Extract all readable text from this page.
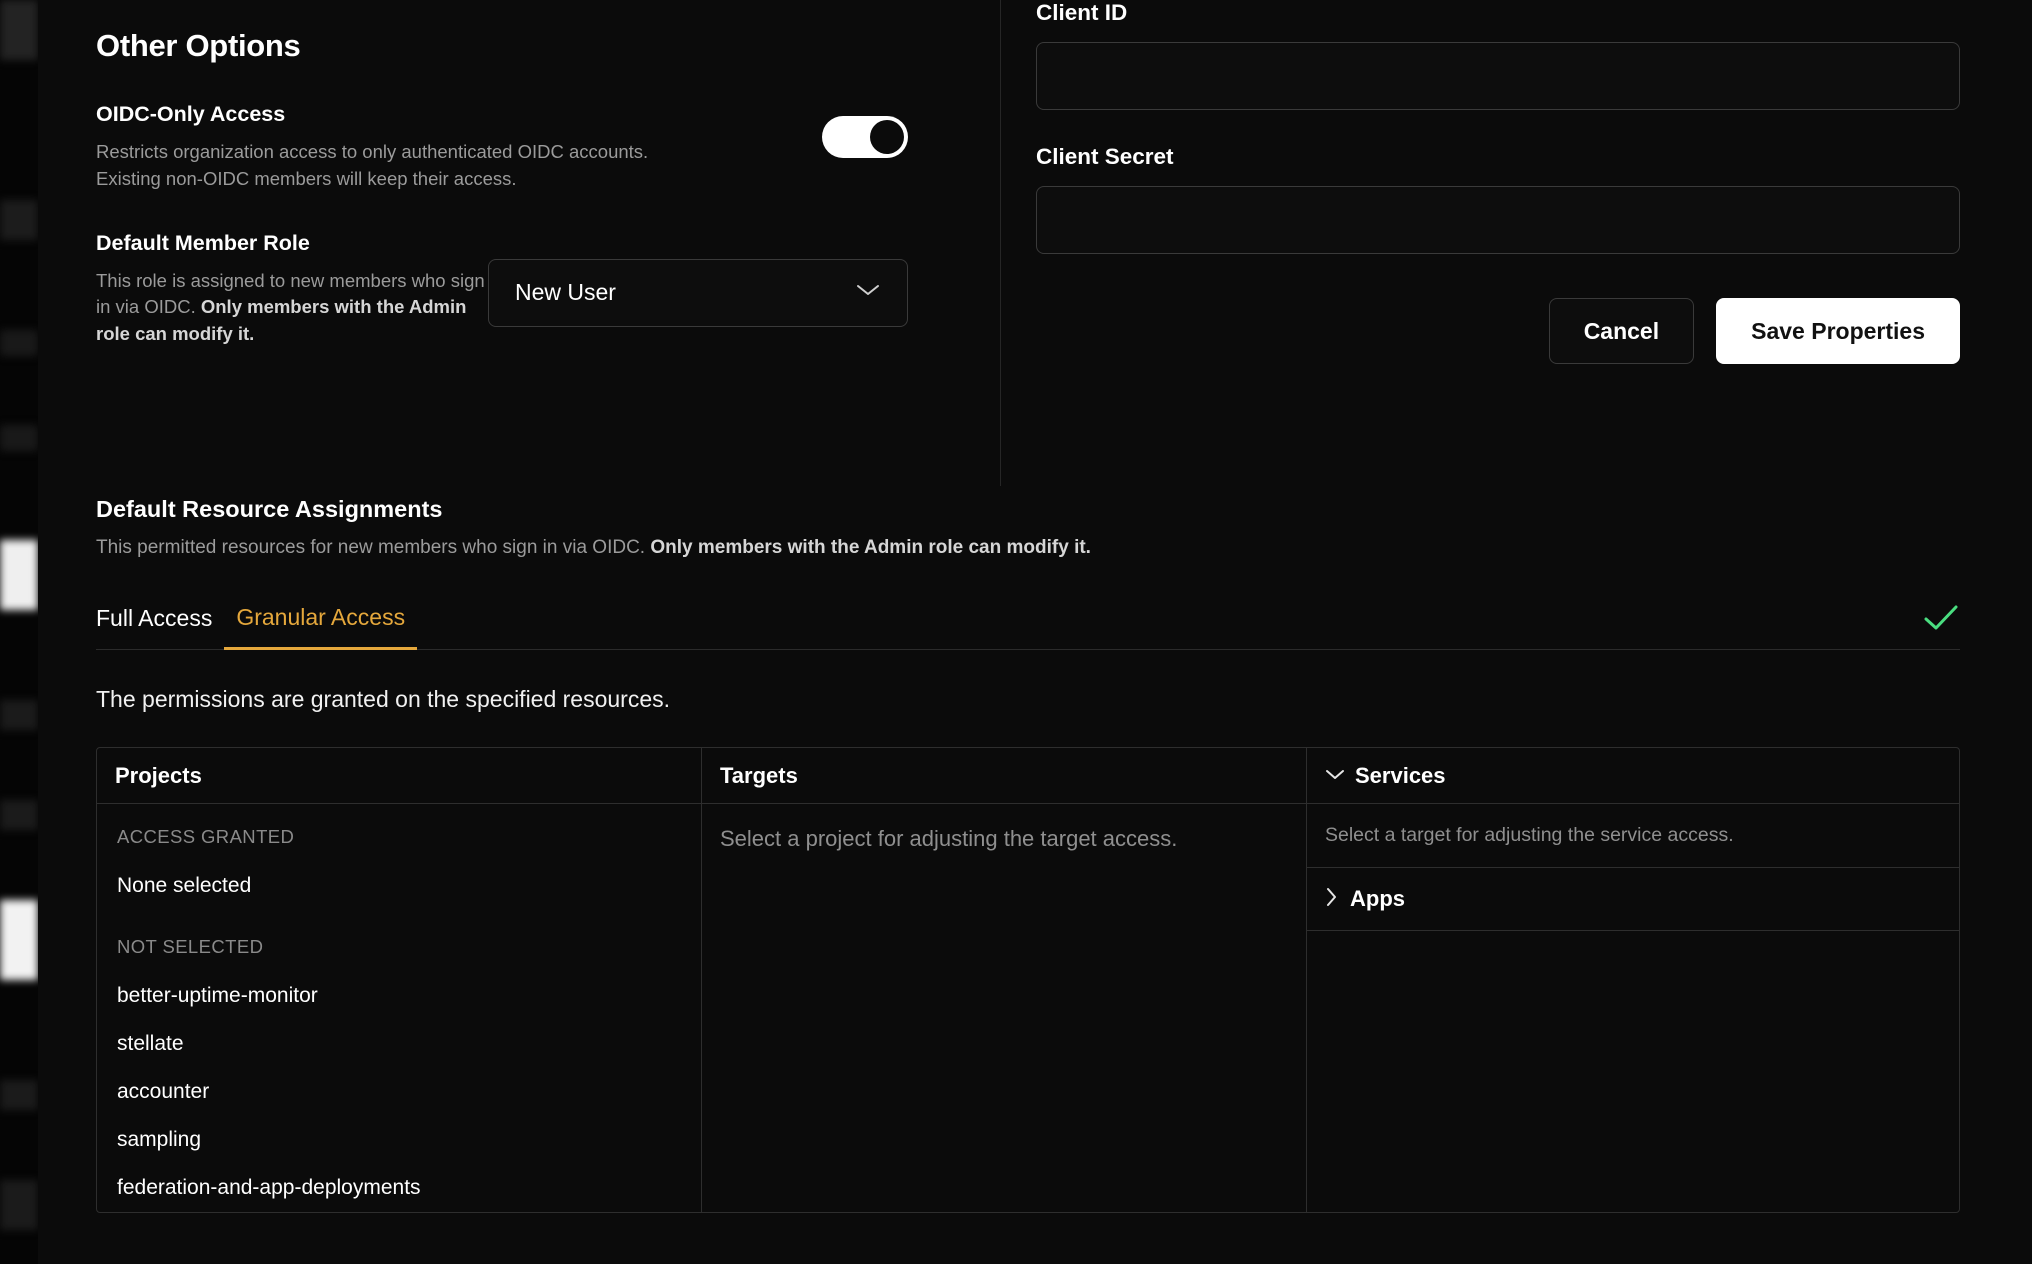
Other Options
OIDC-Only Access
Restricts organization access to only authenticated OIDC accounts.
Existing non-OIDC members will keep their access.
Default Member Role
This role is assigned to new members who sign in via OIDC. Only members with the Admin role can modify it.
New User
Client ID
Client Secret
Cancel	Save Properties
Default Resource Assignments
This permitted resources for new members who sign in via OIDC. Only members with the Admin role can modify it.
Full Access	Granular Access
The permissions are granted on the specified resources.
Projects
ACCESS GRANTED
None selected
NOT SELECTED
better-uptime-monitor
stellate
accounter
sampling
federation-and-app-deployments
Targets
Select a project for adjusting the target access.
Services
Select a target for adjusting the service access.
Apps
